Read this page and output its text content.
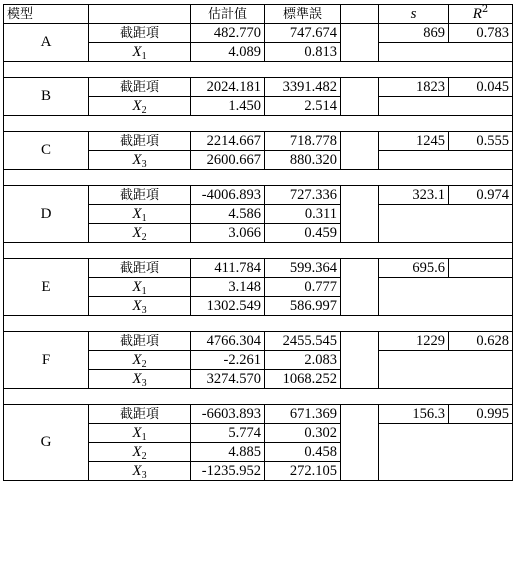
模型		估計值	標準誤		s	$R^2$
A	截距項	482.770	747.674		869	0.783
	$X_1$	4.089	0.813			

B	截距項	2024.181	3391.482		1823	0.045
	$X_2$	1.450	2.514			

C	截距項	2214.667	718.778		1245	0.555
	$X_3$	2600.667	880.320			

D	截距項	-4006.893	727.336		323.1	0.974
	$X_1$	4.586	0.311			
	$X_2$	3.066	0.459			

E	截距項	411.784	599.364		695.6	
	$X_1$	3.148	0.777			
	$X_3$	1302.549	586.997			

F	截距項	4766.304	2455.545		1229	0.628
	$X_2$	-2.261	2.083			
	$X_3$	3274.570	1068.252			

G	截距項	-6603.893	671.369		156.3	0.995
	$X_1$	5.774	0.302			
	$X_2$	4.885	0.458			
	$X_3$	-1235.952	272.105			
